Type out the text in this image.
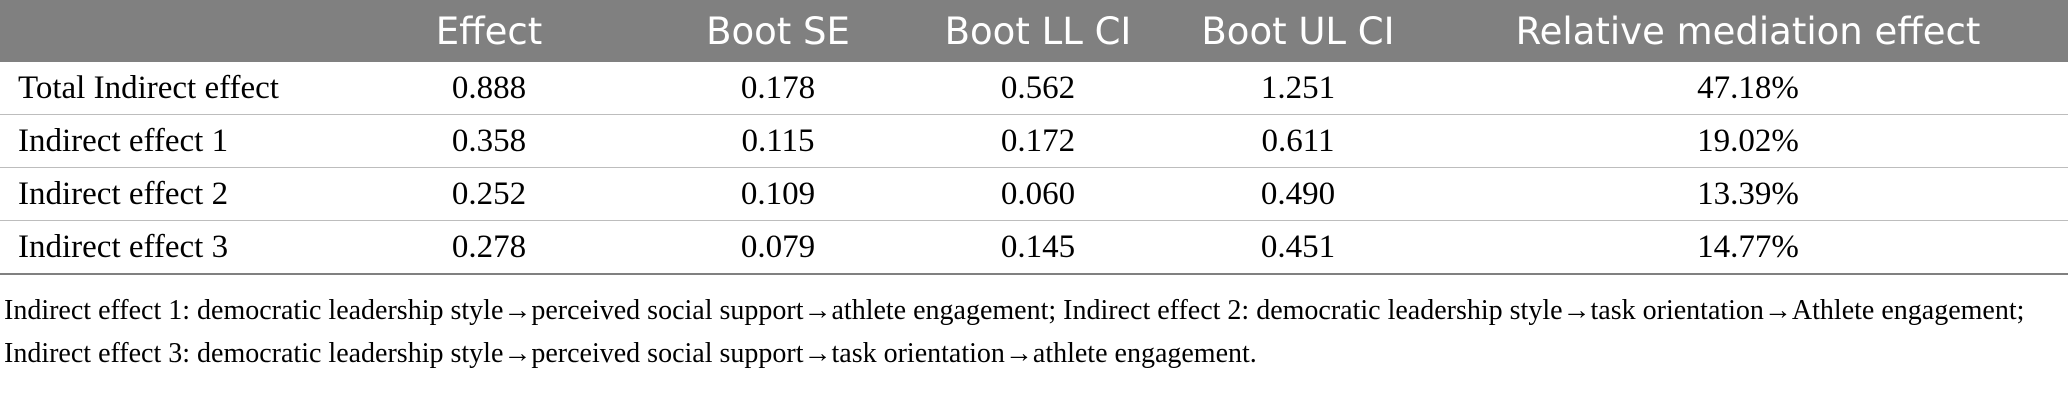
	Effect	Boot SE	Boot LL CI	Boot UL CI	Relative mediation effect
Total Indirect effect	0.888	0.178	0.562	1.251	47.18%
Indirect effect 1	0.358	0.115	0.172	0.611	19.02%
Indirect effect 2	0.252	0.109	0.060	0.490	13.39%
Indirect effect 3	0.278	0.079	0.145	0.451	14.77%
Indirect effect 1: democratic leadership style→perceived social support→athlete engagement; Indirect effect 2: democratic leadership style→task orientation→Athlete engagement; Indirect effect 3: democratic leadership style→perceived social support→task orientation→athlete engagement.
